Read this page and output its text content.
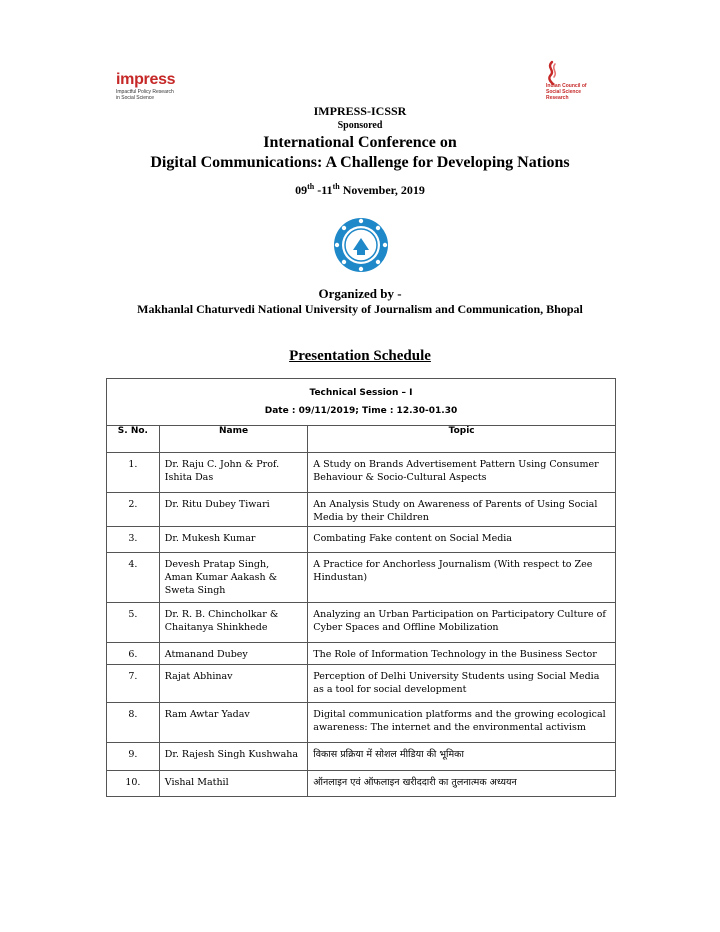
impress
Impactful Policy Research in Social Science
Indian Council of Social Science Research
IMPRESS-ICSSR
Sponsored
International Conference on
Digital Communications: A Challenge for Developing Nations
09th -11th November, 2019
Organized by -
Makhanlal Chaturvedi National University of Journalism and Communication, Bhopal
Presentation Schedule
Technical Session – I
Date : 09/11/2019; Time : 12.30-01.30		

S. No.	Name	Topic

1.	Dr. Raju C. John & Prof. Ishita Das	A Study on Brands Advertisement Pattern Using Consumer Behaviour & Socio-Cultural Aspects

2.	Dr. Ritu Dubey Tiwari	An Analysis Study on Awareness of Parents of Using Social Media by their Children

3.	Dr. Mukesh Kumar	Combating Fake content on Social Media

4.	Devesh Pratap Singh,
Aman Kumar Aakash &
Sweta Singh	A Practice for Anchorless Journalism (With respect to Zee Hindustan)

5.	Dr. R. B. Chincholkar & Chaitanya Shinkhede	Analyzing an Urban Participation on Participatory Culture of Cyber Spaces and Offline Mobilization

6.	Atmanand Dubey	The Role of Information Technology in the Business Sector

7.	Rajat Abhinav	Perception of Delhi University Students using Social Media as a tool for social development

8.	Ram Awtar Yadav	Digital communication platforms and the growing ecological awareness: The internet and the environmental activism

9.	Dr. Rajesh Singh Kushwaha	विकास प्रक्रिया में सोशल मीडिया की भूमिका

10.	Vishal Mathil	ऑनलाइन एवं ऑफलाइन खरीददारी का तुलनात्मक अध्ययन
